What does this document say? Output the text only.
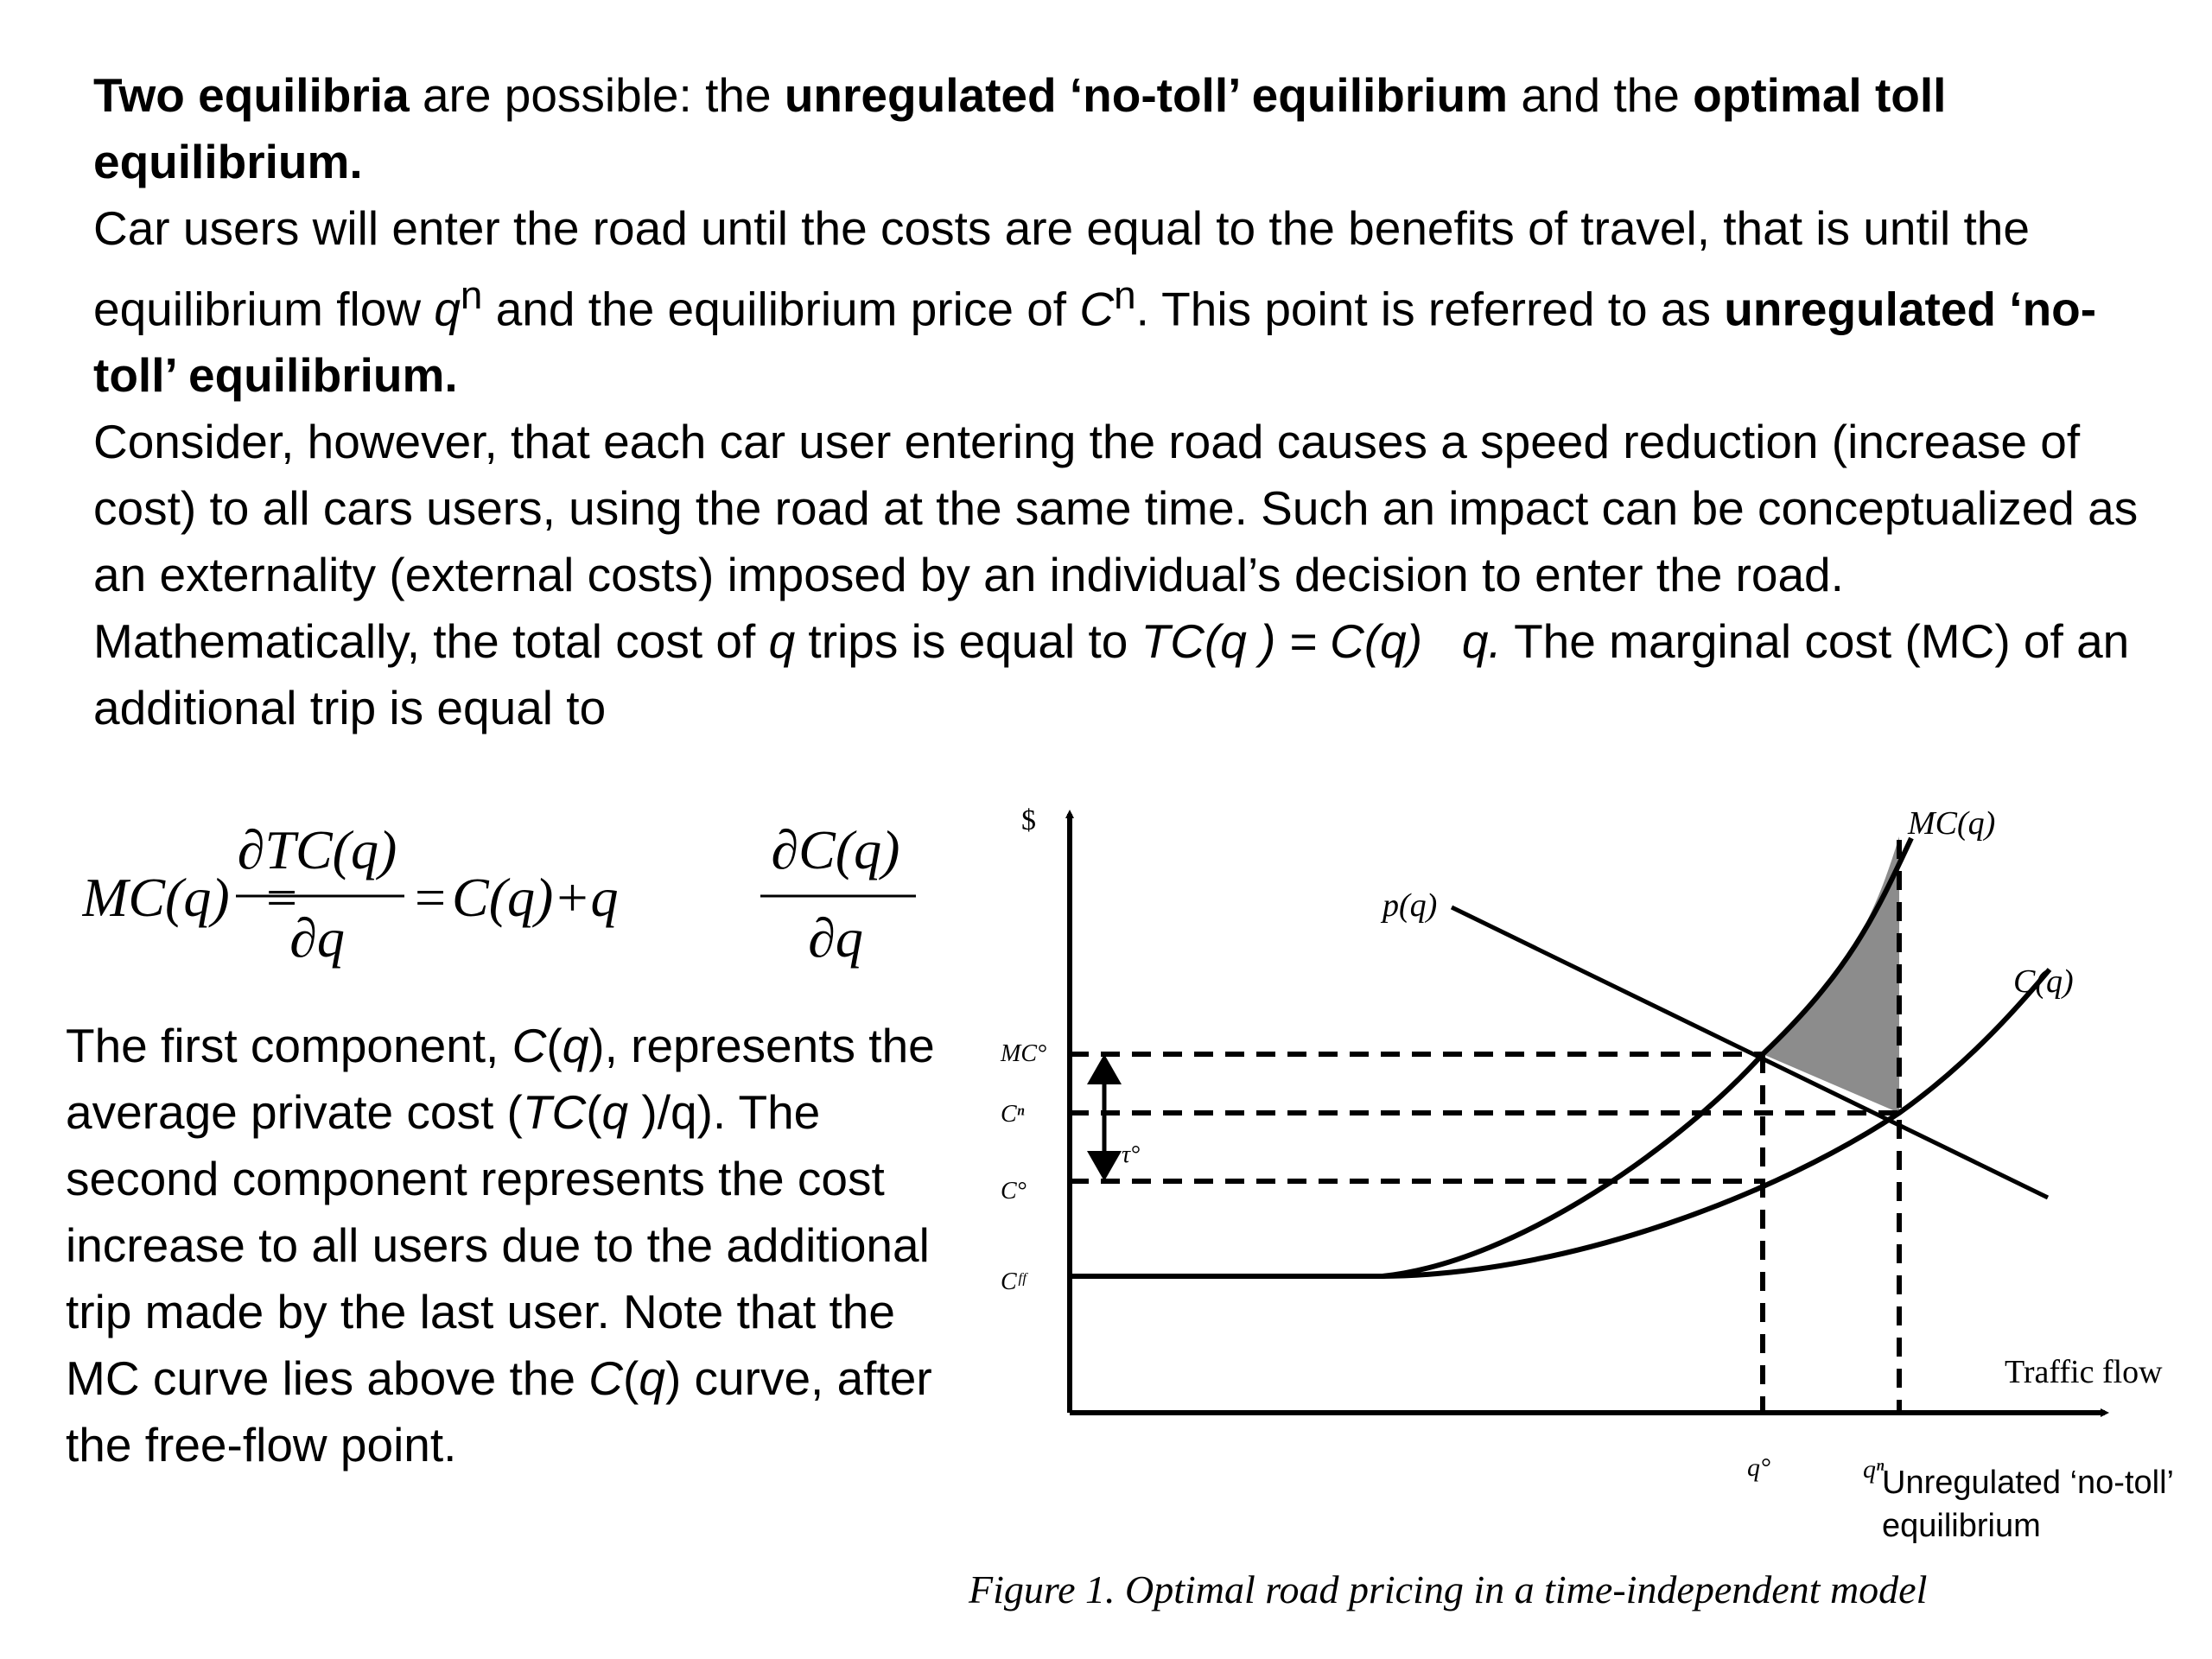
Two equilibria are possible: the unregulated ‘no-toll’ equilibrium and the optimal toll equilibrium.

Car users will enter the road until the costs are equal to the benefits of travel, that is until the equilibrium flow $q^n$ and the equilibrium price of $C^n$. This point is referred to as unregulated ‘no-toll’ equilibrium.

Consider, however, that each car user entering the road causes a speed reduction (increase of cost) to all cars users, using the road at the same time. Such an impact can be conceptualized as an externality (external costs) imposed by an individual’s decision to enter the road.

Mathematically, the total cost of q trips is equal to TC(q ) = C(q) q. The marginal cost (MC) of an additional trip is equal to

MC(q) =
∂TC(q)
∂q
= C(q)+q
∂C(q)
∂q

The first component, C(q), represents the average private cost (TC(q )/q). The second component represents the cost increase to all users due to the additional trip made by the last user. Note that the MC curve lies above the C(q) curve, after the free-flow point.

$
Traffic flow
MC(q)
p(q)
C(q)
MC°
Cⁿ
C°
Cᶠᶠ
τ°
q°	qⁿ
Unregulated ‘no-toll’
equilibrium
Figure 1. Optimal road pricing in a time-independent model
